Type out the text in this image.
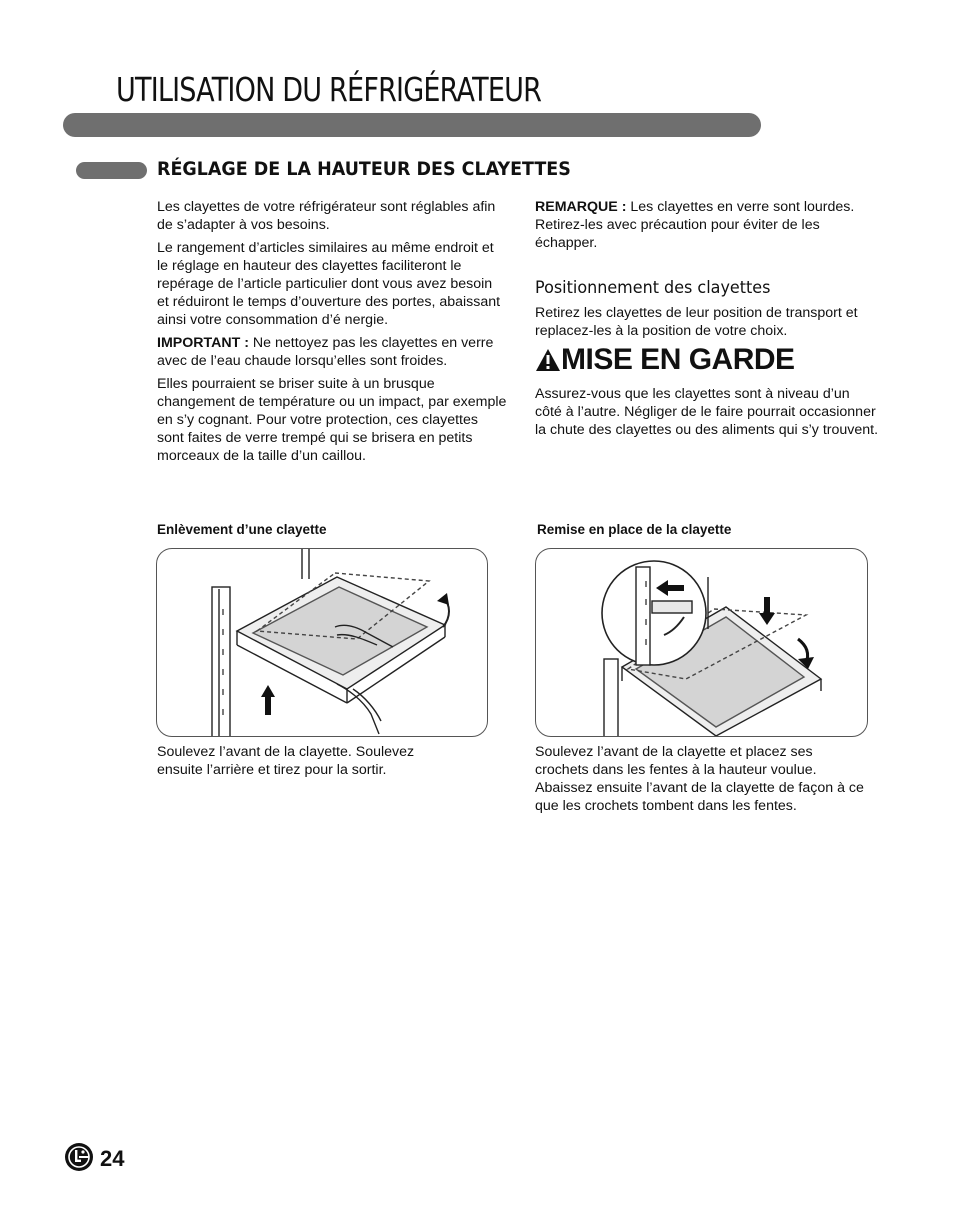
UTILISATION DU RÉFRIGÉRATEUR
RÉGLAGE DE LA HAUTEUR DES CLAYETTES

Les clayettes de votre réfrigérateur sont réglables afin de s’adapter à vos besoins.

Le rangement d’articles similaires au même endroit et le réglage en hauteur des clayettes faciliteront le repérage de l’article particulier dont vous avez besoin et réduiront le temps d’ouverture des portes, abaissant ainsi votre consommation d’é nergie.

IMPORTANT : Ne nettoyez pas les clayettes en verre avec de l’eau chaude lorsqu’elles sont froides.

Elles pourraient se briser suite à un brusque changement de température ou un impact, par exemple en s’y cognant. Pour votre protection, ces clayettes sont faites de verre trempé qui se brisera en petits morceaux de la taille d’un caillou.

REMARQUE : Les clayettes en verre sont lourdes. Retirez-les avec précaution pour éviter de les échapper.

Positionnement des clayettes

Retirez les clayettes de leur position de transport et replacez-les à la position de votre choix.

MISE EN GARDE

Assurez-vous que les clayettes sont à niveau d’un côté à l’autre. Négliger de le faire pourrait occasionner la chute des clayettes ou des aliments qui s’y trouvent.

Enlèvement d’une clayette

Soulevez l’avant de la clayette. Soulevez ensuite l’arrière et tirez pour la sortir.

Remise en place de la clayette

Soulevez l’avant de la clayette et placez ses crochets dans les fentes à la hauteur voulue. Abaissez ensuite l’avant de la clayette de façon à ce que les crochets tombent dans les fentes.

24
